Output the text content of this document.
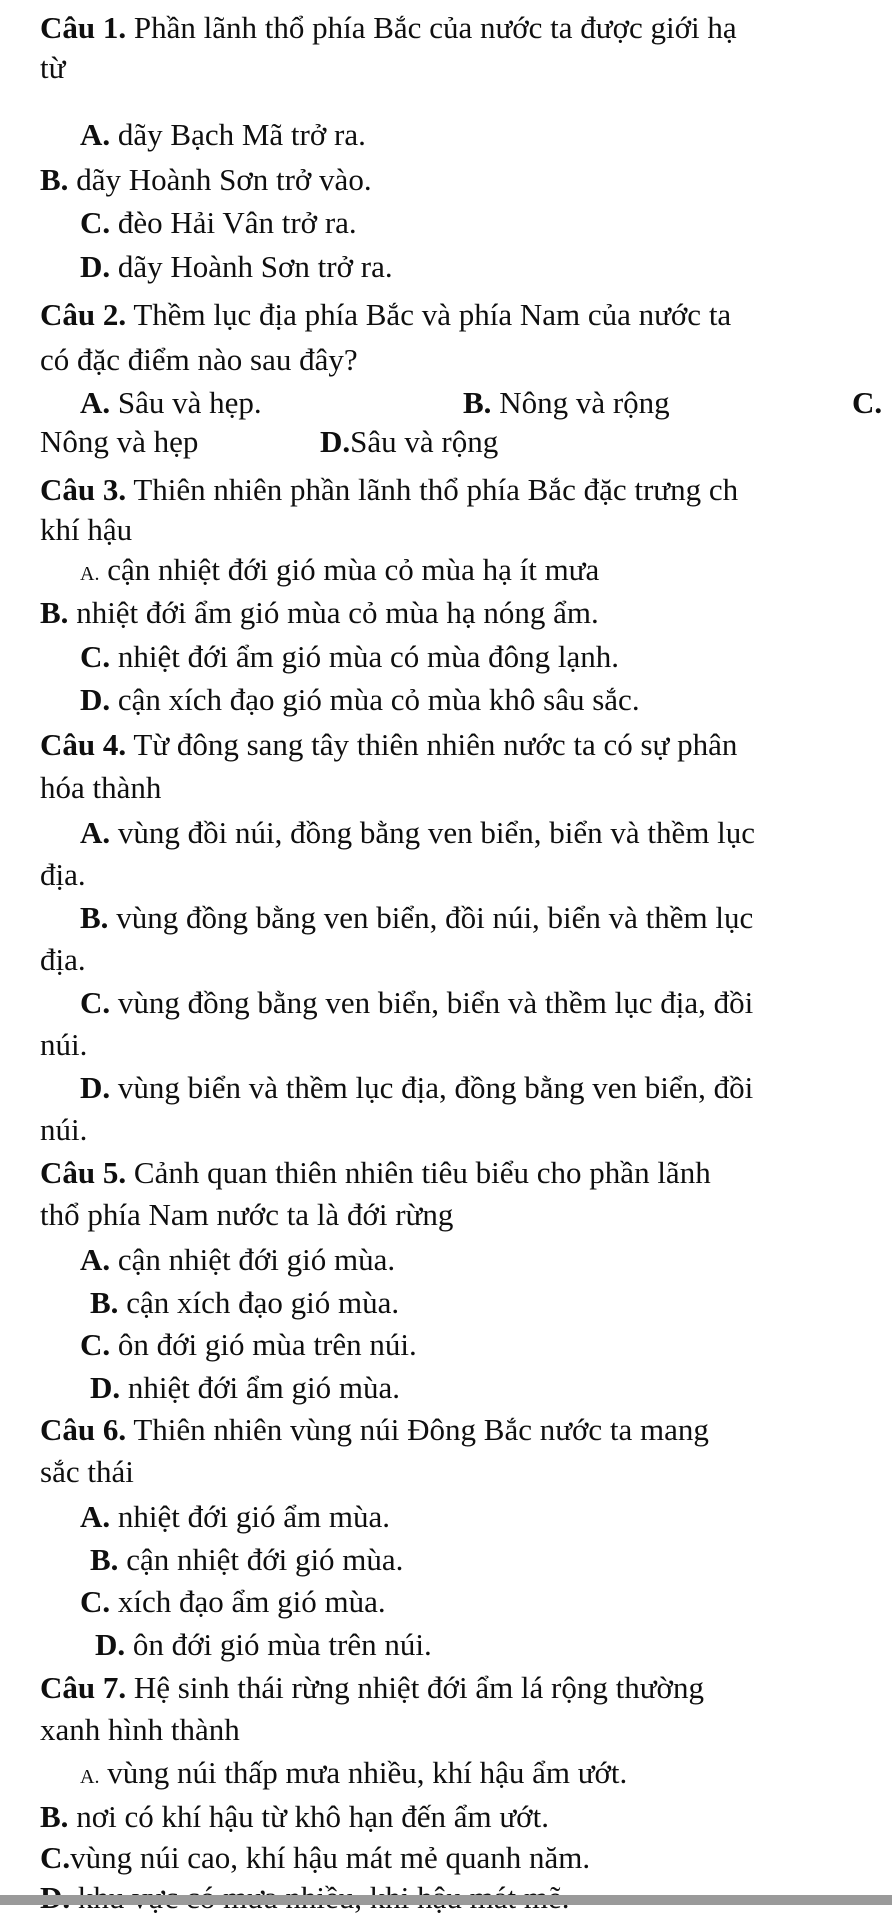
Câu 1. Phần lãnh thổ phía Bắc của nước ta được giới hạ
từ
A. dãy Bạch Mã trở ra.
B. dãy Hoành Sơn trở vào.
C. đèo Hải Vân trở ra.
D. dãy Hoành Sơn trở ra.
Câu 2. Thềm lục địa phía Bắc và phía Nam của nước ta
có đặc điểm nào sau đây?
A. Sâu và hẹp.	B. Nông và rộng	C.
Nông và hẹp	D.Sâu và rộng
Câu 3. Thiên nhiên phần lãnh thổ phía Bắc đặc trưng ch
khí hậu
A. cận nhiệt đới gió mùa cỏ mùa hạ ít mưa
B. nhiệt đới ẩm gió mùa cỏ mùa hạ nóng ẩm.
C. nhiệt đới ẩm gió mùa có mùa đông lạnh.
D. cận xích đạo gió mùa cỏ mùa khô sâu sắc.
Câu 4. Từ đông sang tây thiên nhiên nước ta có sự phân
hóa thành
A. vùng đồi núi, đồng bằng ven biển, biển và thềm lục
địa.
B. vùng đồng bằng ven biển, đồi núi, biển và thềm lục
địa.
C. vùng đồng bằng ven biển, biển và thềm lục địa, đồi
núi.
D. vùng biển và thềm lục địa, đồng bằng ven biển, đồi
núi.
Câu 5. Cảnh quan thiên nhiên tiêu biểu cho phần lãnh
thổ phía Nam nước ta là đới rừng
A. cận nhiệt đới gió mùa.
B. cận xích đạo gió mùa.
C. ôn đới gió mùa trên núi.
D. nhiệt đới ẩm gió mùa.
Câu 6. Thiên nhiên vùng núi Đông Bắc nước ta mang
sắc thái
A. nhiệt đới gió ẩm mùa.
B. cận nhiệt đới gió mùa.
C. xích đạo ẩm gió mùa.
D. ôn đới gió mùa trên núi.
Câu 7. Hệ sinh thái rừng nhiệt đới ẩm lá rộng thường
xanh hình thành
A. vùng núi thấp mưa nhiều, khí hậu ẩm ướt.
B. nơi có khí hậu từ khô hạn đến ẩm ướt.
C.vùng núi cao, khí hậu mát mẻ quanh năm.
